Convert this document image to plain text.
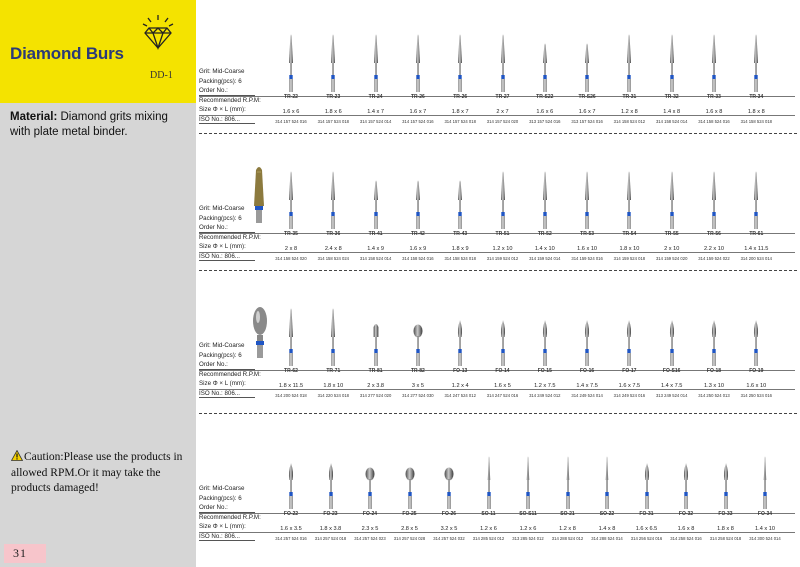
Diamond Burs
DD-1
Material: Diamond grits mixing with plate metal binder.
Caution:Please use the products in allowed RPM.Or it may take the products damaged!
31
Grit: Mid-Coarse
Packing(pcs): 6
Order No.:
Recommended R.P.M:
Size Φ × L (mm):
ISO No.: 806...
TR-22
1.6 x 6
314 157 524 016
TR-23
1.8 x 6
314 157 524 018
TR-24
1.4 x 7
314 157 524 014
TR-26
1.6 x 7
314 157 524 016
TR-26
1.8 x 7
314 157 524 018
TR-27
2 x 7
314 157 524 020
TR-S22
1.6 x 6
313 157 524 016
TR-S26
1.6 x 7
313 157 524 016
TR-31
1.2 x 8
314 158 524 012
TR-32
1.4 x 8
314 158 524 014
TR-33
1.6 x 8
314 158 524 016
TR-34
1.8 x 8
314 158 524 018
Grit: Mid-Coarse
Packing(pcs): 6
Order No.:
Recommended R.P.M:
Size Φ × L (mm):
ISO No.: 806...
TR-35
2 x 8
314 158 524 020
TR-36
2.4 x 8
314 158 524 024
TR-41
1.4 x 9
314 158 524 014
TR-42
1.6 x 9
314 158 524 016
TR-43
1.8 x 9
314 158 524 018
TR-51
1.2 x 10
314 159 524 012
TR-52
1.4 x 10
314 159 524 014
TR-53
1.6 x 10
314 159 524 016
TR-54
1.8 x 10
314 159 524 018
TR-55
2 x 10
314 159 524 020
TR-56
2.2 x 10
314 159 524 022
TR-61
1.4 x 11.5
314 200 524 014
Grit: Mid-Coarse
Packing(pcs): 6
Order No.:
Recommended R.P.M:
Size Φ × L (mm):
ISO No.: 806...
TR-62
1.8 x 11.5
314 200 524 018
TR-71
1.8 x 10
314 220 524 018
TR-81
2 x 3.8
314 277 524 020
TR-82
3 x 5
314 277 524 030
FO-13
1.2 x 4
314 247 524 012
FO-14
1.6 x 5
314 247 524 016
FO-15
1.2 x 7.5
314 249 524 012
FO-16
1.4 x 7.5
314 249 524 014
FO-17
1.6 x 7.5
314 249 524 016
FO-S16
1.4 x 7.5
313 249 524 014
FO-18
1.3 x 10
314 250 524 013
FO-19
1.6 x 10
314 250 524 016
Grit: Mid-Coarse
Packing(pcs): 6
Order No.:
Recommended R.P.M:
Size Φ × L (mm):
ISO No.: 806...
FO-22
1.6 x 3.5
314 257 524 016
FO-23
1.8 x 3.8
314 257 524 018
FO-24
2.3 x 5
314 257 524 023
FO-25
2.8 x 5
314 257 524 028
FO-26
3.2 x 5
314 257 524 032
SO-11
1.2 x 6
314 285 524 012
SO-S11
1.2 x 6
313 285 524 012
SO-21
1.2 x 8
314 288 524 012
SO-22
1.4 x 8
314 288 524 014
FO-31
1.6 x 6.5
314 256 524 016
FO-32
1.6 x 8
314 258 524 016
FO-33
1.8 x 8
314 258 524 018
FO-34
1.4 x 10
314 300 524 014
